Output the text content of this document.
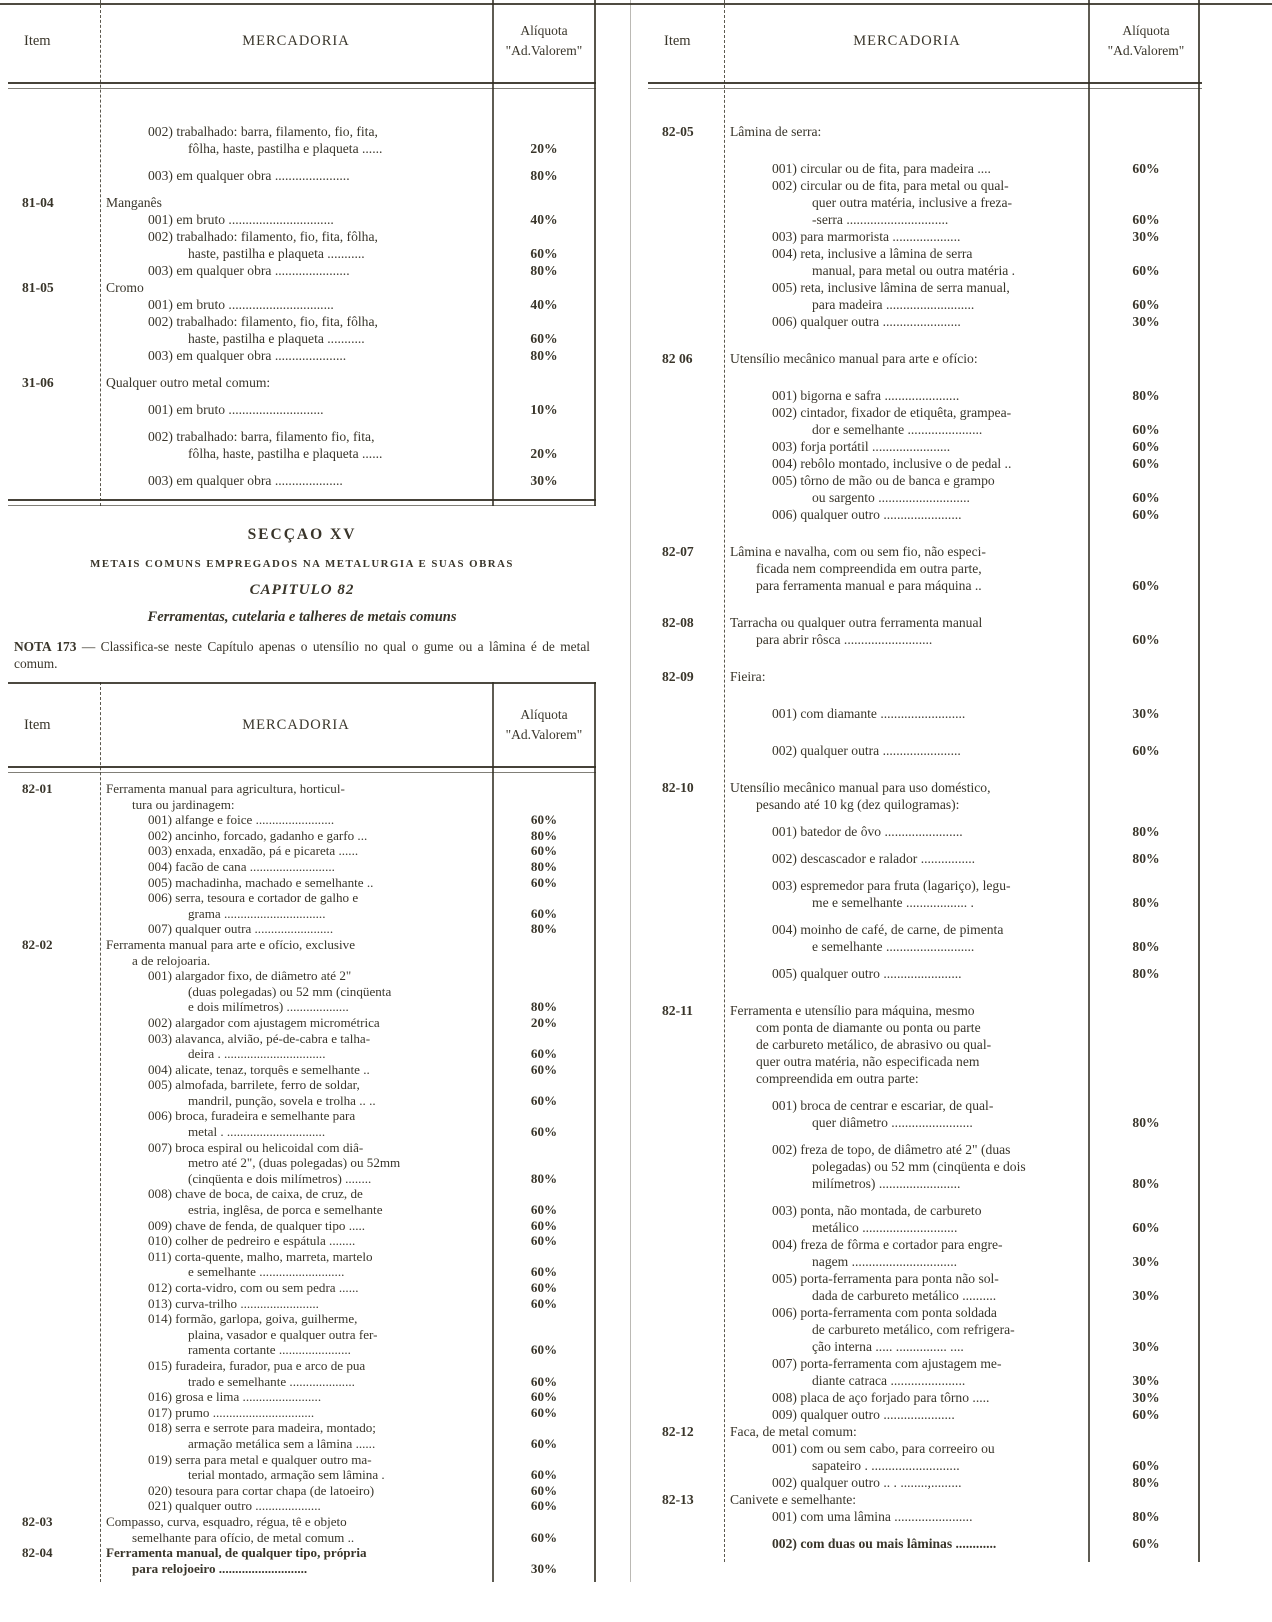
Item	MERCADORIA
Alíquota
"Ad.Valorem"
002) trabalhado: barra, filamento, fio, fita,
fôlha, haste, pastilha e plaqueta ......	20%
003) em qualquer obra ......................	80%
81-04	Manganês
001) em bruto ...............................	40%
002) trabalhado: filamento, fio, fita, fôlha,
haste, pastilha e plaqueta ...........	60%
003) em qualquer obra ......................	80%
81-05	Cromo
001) em bruto ...............................	40%
002) trabalhado: filamento, fio, fita, fôlha,
haste, pastilha e plaqueta ...........	60%
003) em qualquer obra .....................	80%
31-06	Qualquer outro metal comum:
001) em bruto ............................	10%
002) trabalhado: barra, filamento fio, fita,
fôlha, haste, pastilha e plaqueta ......	20%
003) em qualquer obra ....................	30%
SECÇAO XV
METAIS COMUNS EMPREGADOS NA METALURGIA E SUAS OBRAS
CAPITULO 82
Ferramentas, cutelaria e talheres de metais comuns
NOTA 173 — Classifica-se neste Capítulo apenas o utensílio no qual o gume ou a lâmina é de metal comum.
Item	MERCADORIA
Alíquota
"Ad.Valorem"
82-01	Ferramenta manual para agricultura, horticul-
tura ou jardinagem:
001) alfange e foice ........................	60%
002) ancinho, forcado, gadanho e garfo ...	80%
003) enxada, enxadão, pá e picareta ......	60%
004) facão de cana ..........................	80%
005) machadinha, machado e semelhante ..	60%
006) serra, tesoura e cortador de galho e
grama ...............................	60%
007) qualquer outra ........................	80%
82-02	Ferramenta manual para arte e ofício, exclusive
a de relojoaria.
001) alargador fixo, de diâmetro até 2"
(duas polegadas) ou 52 mm (cinqüenta
e dois milímetros) ...................	80%
002) alargador com ajustagem micrométrica	20%
003) alavanca, alvião, pé-de-cabra e talha-
deira . ...............................	60%
004) alicate, tenaz, torquês e semelhante ..	60%
005) almofada, barrilete, ferro de soldar,
mandril, punção, sovela e trolha .. ..	60%
006) broca, furadeira e semelhante para
metal . ..............................	60%
007) broca espiral ou helicoidal com diâ-
metro até 2", (duas polegadas) ou 52mm
(cinqüenta e dois milímetros) ........	80%
008) chave de boca, de caixa, de cruz, de
estria, inglêsa, de porca e semelhante	60%
009) chave de fenda, de qualquer tipo .....	60%
010) colher de pedreiro e espátula ........	60%
011) corta-quente, malho, marreta, martelo
e semelhante ..........................	60%
012) corta-vidro, com ou sem pedra ......	60%
013) curva-trilho ........................	60%
014) formão, garlopa, goiva, guilherme,
plaina, vasador e qualquer outra fer-
ramenta cortante ......................	60%
015) furadeira, furador, pua e arco de pua
trado e semelhante ....................	60%
016) grosa e lima ........................	60%
017) prumo ...............................	60%
018) serra e serrote para madeira, montado;
armação metálica sem a lâmina ......	60%
019) serra para metal e qualquer outro ma-
terial montado, armação sem lâmina .	60%
020) tesoura para cortar chapa (de latoeiro)	60%
021) qualquer outro ....................	60%
82-03	Compasso, curva, esquadro, régua, tê e objeto
semelhante para ofício, de metal comum ..	60%
82-04	Ferramenta manual, de qualquer tipo, própria
para relojoeiro ...........................	30%
Item	MERCADORIA
Alíquota
"Ad.Valorem"
82-05	Lâmina de serra:
001) circular ou de fita, para madeira ....	60%
002) circular ou de fita, para metal ou qual-
quer outra matéria, inclusive a freza-
-serra ..............................	60%
003) para marmorista ....................	30%
004) reta, inclusive a lâmina de serra
manual, para metal ou outra matéria .	60%
005) reta, inclusive lâmina de serra manual,
para madeira ..........................	60%
006) qualquer outra .......................	30%
82 06	Utensílio mecânico manual para arte e ofício:
001) bigorna e safra ......................	80%
002) cintador, fixador de etiquêta, grampea-
dor e semelhante ......................	60%
003) forja portátil .......................	60%
004) rebôlo montado, inclusive o de pedal ..	60%
005) tôrno de mão ou de banca e grampo
ou sargento ...........................	60%
006) qualquer outro .......................	60%
82-07	Lâmina e navalha, com ou sem fio, não especi-
ficada nem compreendida em outra parte,
para ferramenta manual e para máquina ..	60%
82-08	Tarracha ou qualquer outra ferramenta manual
para abrir rôsca ..........................	60%
82-09	Fieira:
001) com diamante .........................	30%
002) qualquer outra .......................	60%
82-10	Utensílio mecânico manual para uso doméstico,
pesando até 10 kg (dez quilogramas):
001) batedor de ôvo .......................	80%
002) descascador e ralador ................	80%
003) espremedor para fruta (lagariço), legu-
me e semelhante .................. .	80%
004) moinho de café, de carne, de pimenta
e semelhante ..........................	80%
005) qualquer outro .......................	80%
82-11	Ferramenta e utensílio para máquina, mesmo
com ponta de diamante ou ponta ou parte
de carbureto metálico, de abrasivo ou qual-
quer outra matéria, não especificada nem
compreendida em outra parte:
001) broca de centrar e escariar, de qual-
quer diâmetro ........................	80%
002) freza de topo, de diâmetro até 2" (duas
polegadas) ou 52 mm (cinqüenta e dois
milímetros) ........................	80%
003) ponta, não montada, de carbureto
metálico ............................	60%
004) freza de fôrma e cortador para engre-
nagem ...............................	30%
005) porta-ferramenta para ponta não sol-
dada de carbureto metálico ..........	30%
006) porta-ferramenta com ponta soldada
de carbureto metálico, com refrigera-
ção interna ..... ............... ....	30%
007) porta-ferramenta com ajustagem me-
diante catraca ......................	30%
008) placa de aço forjado para tôrno .....	30%
009) qualquer outro .....................	60%
82-12	Faca, de metal comum:
001) com ou sem cabo, para correeiro ou
sapateiro . ..........................	60%
002) qualquer outro .. . ........,.........	80%
82-13	Canivete e semelhante:
001) com uma lâmina .......................	80%
002) com duas ou mais lâminas ............	60%
